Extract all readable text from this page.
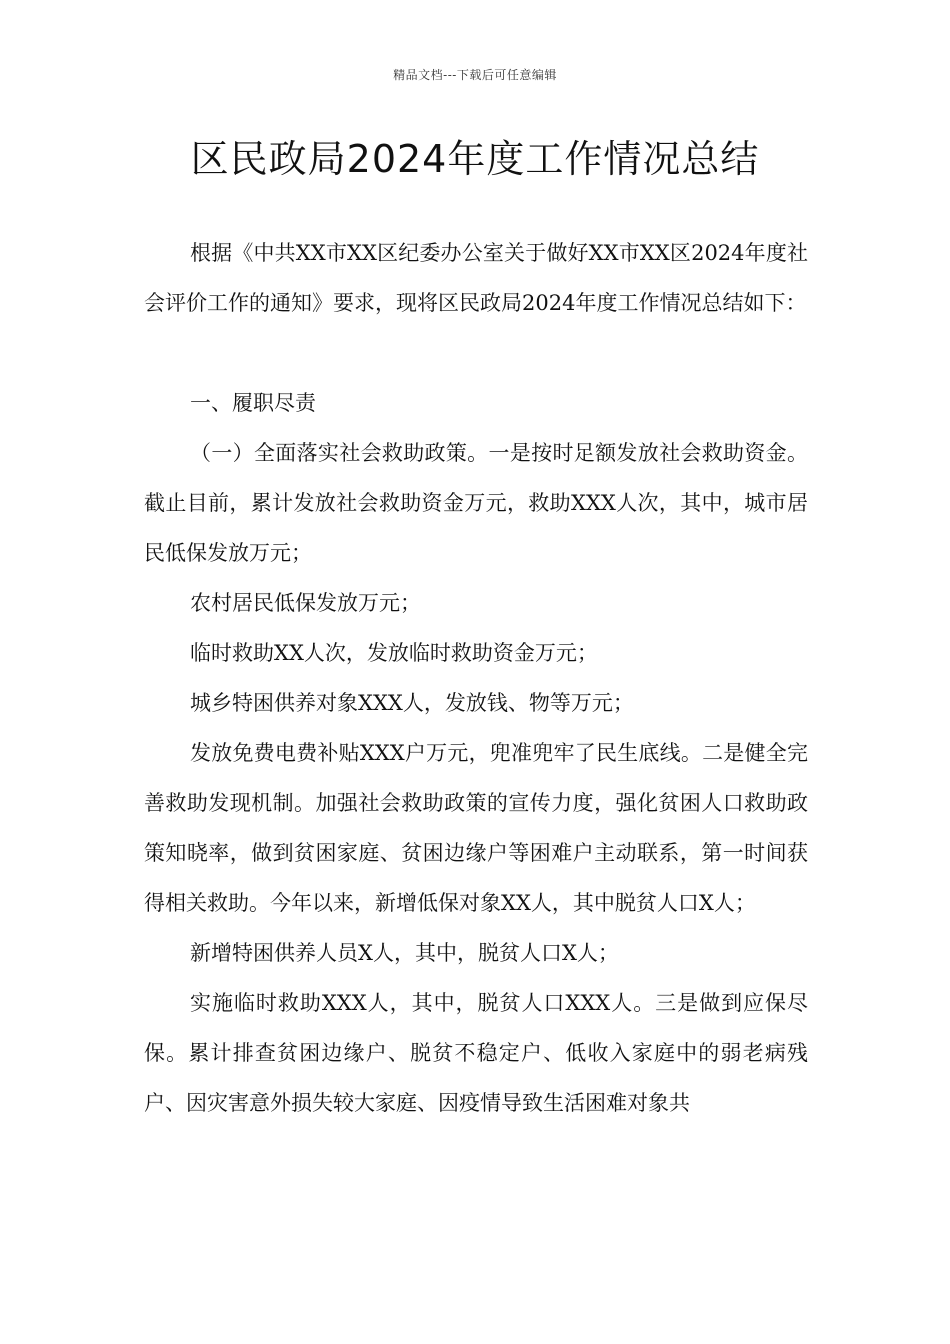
精品文档---下载后可任意编辑
区民政局2024年度工作情况总结

根据《中共XX市XX区纪委办公室关于做好XX市XX区2024年度社会评价工作的通知》要求，现将区民政局2024年度工作情况总结如下：

一、履职尽责

（一）全面落实社会救助政策。一是按时足额发放社会救助资金。截止目前，累计发放社会救助资金万元，救助XXX人次，其中，城市居民低保发放万元；

农村居民低保发放万元；

临时救助XX人次，发放临时救助资金万元；

城乡特困供养对象XXX人，发放钱、物等万元；

发放免费电费补贴XXX户万元，兜准兜牢了民生底线。二是健全完善救助发现机制。加强社会救助政策的宣传力度，强化贫困人口救助政策知晓率，做到贫困家庭、贫困边缘户等困难户主动联系，第一时间获得相关救助。今年以来，新增低保对象XX人，其中脱贫人口X人；

新增特困供养人员X人，其中，脱贫人口X人；

实施临时救助XXX人，其中，脱贫人口XXX人。三是做到应保尽保。累计排查贫困边缘户、脱贫不稳定户、低收入家庭中的弱老病残户、因灾害意外损失较大家庭、因疫情导致生活困难对象共
